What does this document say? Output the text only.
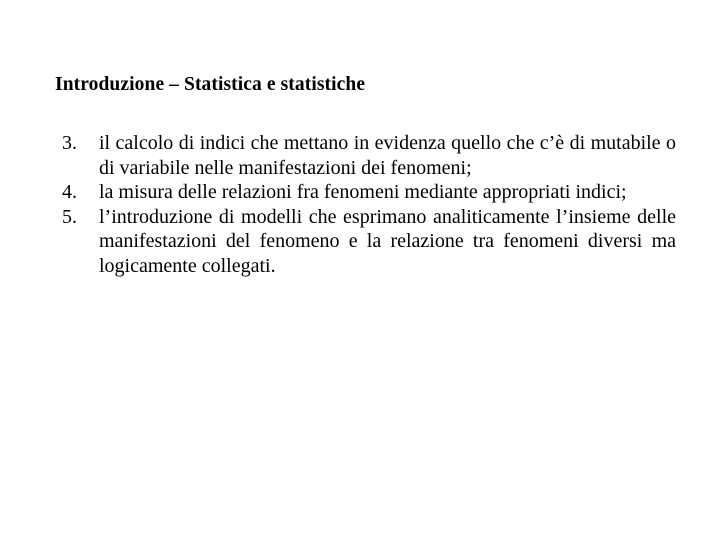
Introduzione – Statistica e statistiche
3. il calcolo di indici che mettano in evidenza quello che c’è di mutabile o di variabile nelle manifestazioni dei fenomeni;
4. la misura delle relazioni fra fenomeni mediante appropriati indici;
5. l’introduzione di modelli che esprimano analiticamente l’insieme delle manifestazioni del fenomeno e la relazione tra fenomeni diversi ma logicamente collegati.
